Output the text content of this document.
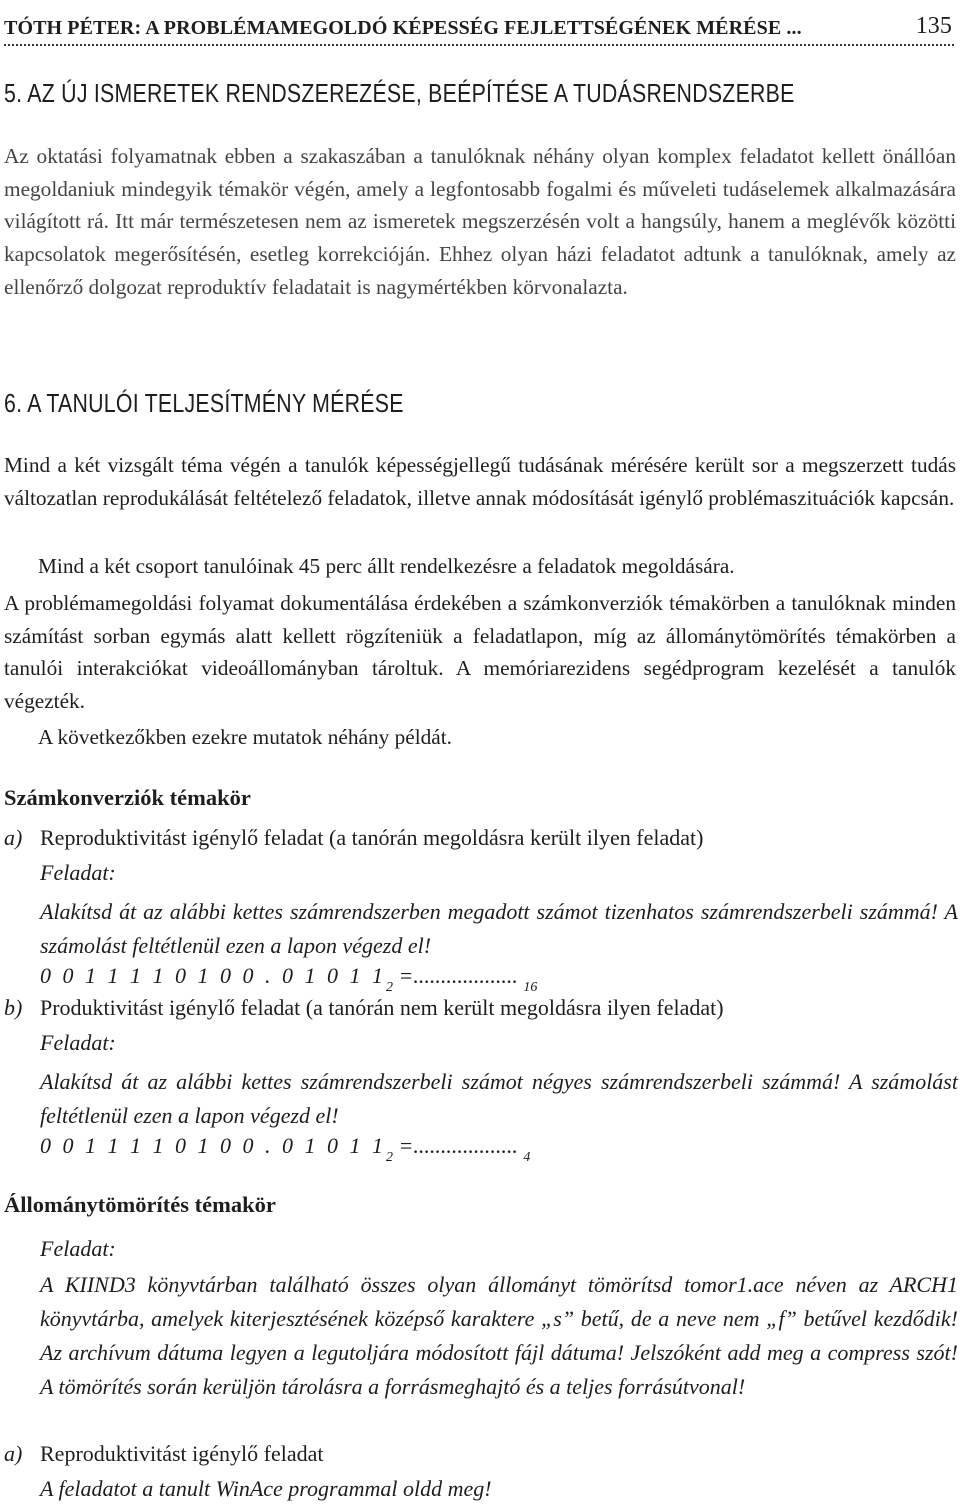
TÓTH PÉTER: A PROBLÉMAMEGOLDÓ KÉPESSÉG FEJLETTSÉGÉNEK MÉRÉSE ...	135
5. AZ ÚJ ISMERETEK RENDSZEREZÉSE, BEÉPÍTÉSE A TUDÁSRENDSZERBE

Az oktatási folyamatnak ebben a szakaszában a tanulóknak néhány olyan komplex feladatot kellett önállóan megoldaniuk mindegyik témakör végén, amely a legfontosabb fogalmi és műveleti tudáselemek alkalmazására világított rá. Itt már természetesen nem az ismeretek megszerzésén volt a hangsúly, hanem a meglévők közötti kapcsolatok megerősítésén, esetleg korrekcióján. Ehhez olyan házi feladatot adtunk a tanulóknak, amely az ellenőrző dolgozat reproduktív feladatait is nagymértékben körvonalazta.

6. A TANULÓI TELJESÍTMÉNY MÉRÉSE

Mind a két vizsgált téma végén a tanulók képességjellegű tudásának mérésére került sor a megszerzett tudás változatlan reprodukálását feltételező feladatok, illetve annak módosítását igénylő problémaszituációk kapcsán.

Mind a két csoport tanulóinak 45 perc állt rendelkezésre a feladatok megoldására.

A problémamegoldási folyamat dokumentálása érdekében a számkonverziók témakörben a tanulóknak minden számítást sorban egymás alatt kellett rögzíteniük a feladatlapon, míg az állománytömörítés témakörben a tanulói interakciókat videoállományban tároltuk. A memóriarezidens segédprogram kezelését a tanulók végezték.

A következőkben ezekre mutatok néhány példát.

Számkonverziók témakör
a) Reproduktivitást igénylő feladat (a tanórán megoldásra került ilyen feladat)
Feladat:

Alakítsd át az alábbi kettes számrendszerben megadott számot tizenhatos számrendszerbeli számmá! A számolást feltétlenül ezen a lapon végezd el!

0 0 1 1 1 1 0 1 0 0 . 0 1 0 1 $1_2$ =................... $_{16}$
b) Produktivitást igénylő feladat (a tanórán nem került megoldásra ilyen feladat)
Feladat:

Alakítsd át az alábbi kettes számrendszerbeli számot négyes számrendszerbeli számmá! A számolást feltétlenül ezen a lapon végezd el!

0 0 1 1 1 1 0 1 0 0 . 0 1 0 1 $1_2$ =................... $_4$
Állománytömörítés témakör
Feladat:

A KIIND3 könyvtárban található összes olyan állományt tömörítsd tomor1.ace néven az ARCH1 könyvtárba, amelyek kiterjesztésének középső karaktere „s” betű, de a neve nem „f” betűvel kezdődik! Az archívum dátuma legyen a legutoljára módosított fájl dátuma! Jelszóként add meg a compress szót! A tömörítés során kerüljön tárolásra a forrásmeghajtó és a teljes forrásútvonal!

a) Reproduktivitást igénylő feladat
A feladatot a tanult WinAce programmal oldd meg!
